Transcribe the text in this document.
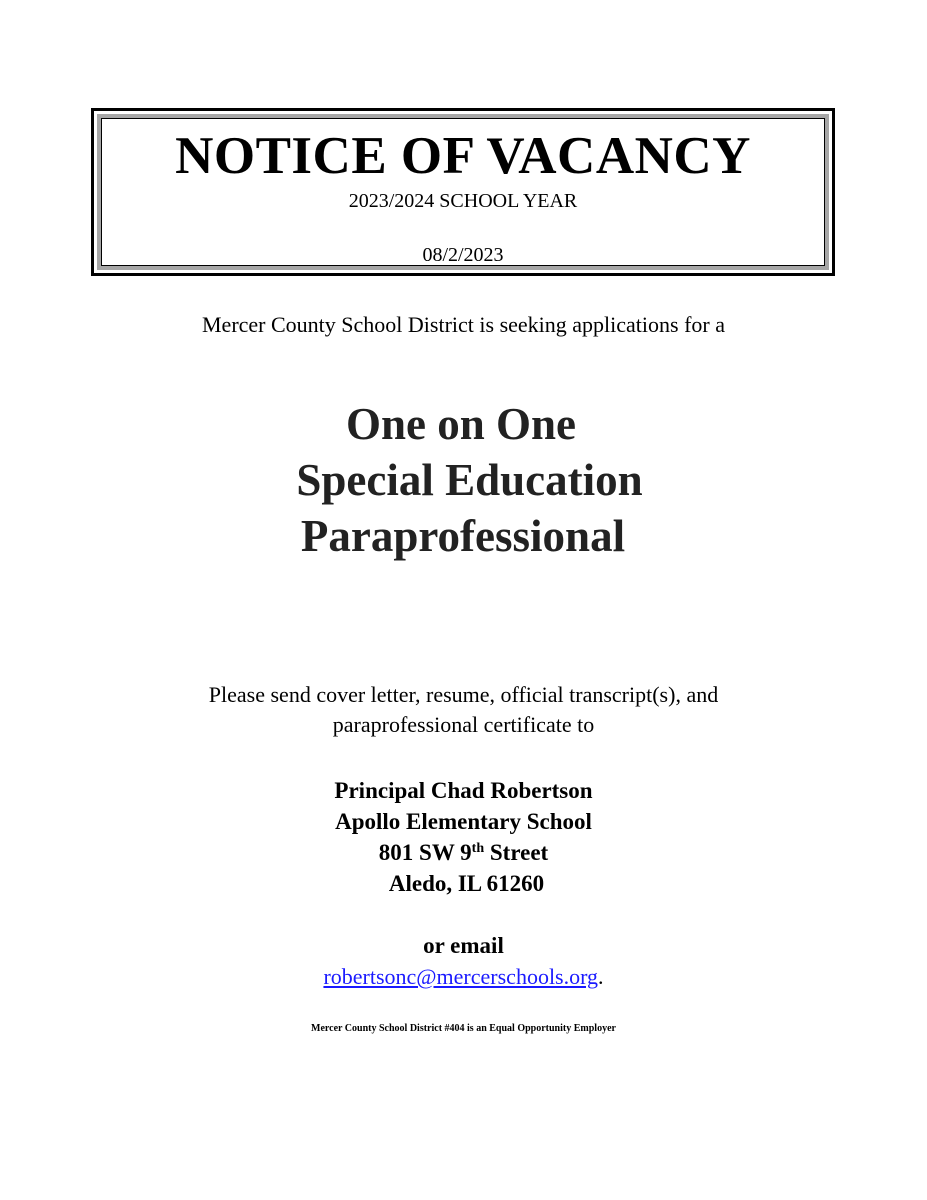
NOTICE OF VACANCY
2023/2024 SCHOOL YEAR
08/2/2023
Mercer County School District is seeking applications for a
One on One
Special Education
Paraprofessional
Please send cover letter, resume, official transcript(s), and
paraprofessional certificate to
Principal Chad Robertson
Apollo Elementary School
801 SW 9th Street
Aledo, IL 61260
or email
robertsonc@mercerschools.org.
Mercer County School District #404 is an Equal Opportunity Employer
